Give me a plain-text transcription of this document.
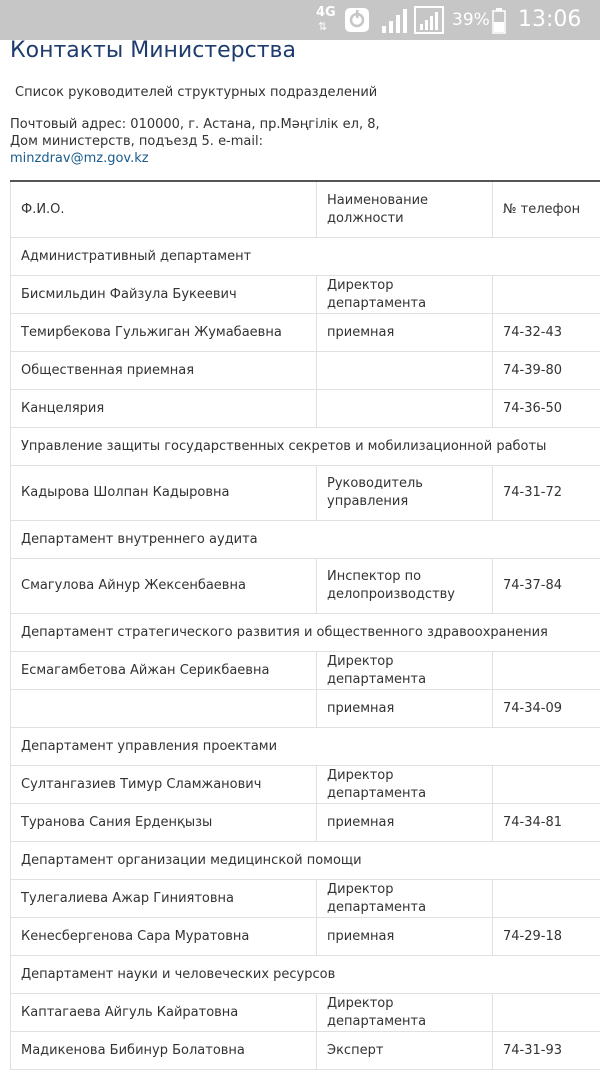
4G
⇅	39% 13:06
Контакты Министерства
Список руководителей структурных подразделений
Почтовый адрес: 010000, г. Астана, пр.Мәңгілік ел, 8,
Дом министерств, подъезд 5. e-mail:
minzdrav@mz.gov.kz
Ф.И.О.	Наименование должности	№ телефон
Административный департамент		
Бисмильдин Файзула Букеевич	Директор департамента	
Темирбекова Гульжиган Жумабаевна	приемная	74-32-43
Общественная приемная		74-39-80
Канцелярия		74-36-50
Управление защиты государственных секретов и мобилизационной работы		
Кадырова Шолпан Кадыровна	Руководитель управления	74-31-72
Департамент внутреннего аудита		
Смагулова Айнур Жексенбаевна	Инспектор по делопроизводству	74-37-84
Департамент стратегического развития и общественного здравоохранения		
Есмагамбетова Айжан Серикбаевна	Директор департамента	
	приемная	74-34-09
Департамент управления проектами		
Султангазиев Тимур Сламжанович	Директор департамента	
Туранова Сания Ерденқызы	приемная	74-34-81
Департамент организации медицинской помощи		
Тулегалиева Ажар Гиниятовна	Директор департамента	
Кенесбергенова Сара Муратовна	приемная	74-29-18
Департамент науки и человеческих ресурсов		
Каптагаева Айгуль Кайратовна	Директор департамента	
Мадикенова Бибинур Болатовна	Эксперт	74-31-93
